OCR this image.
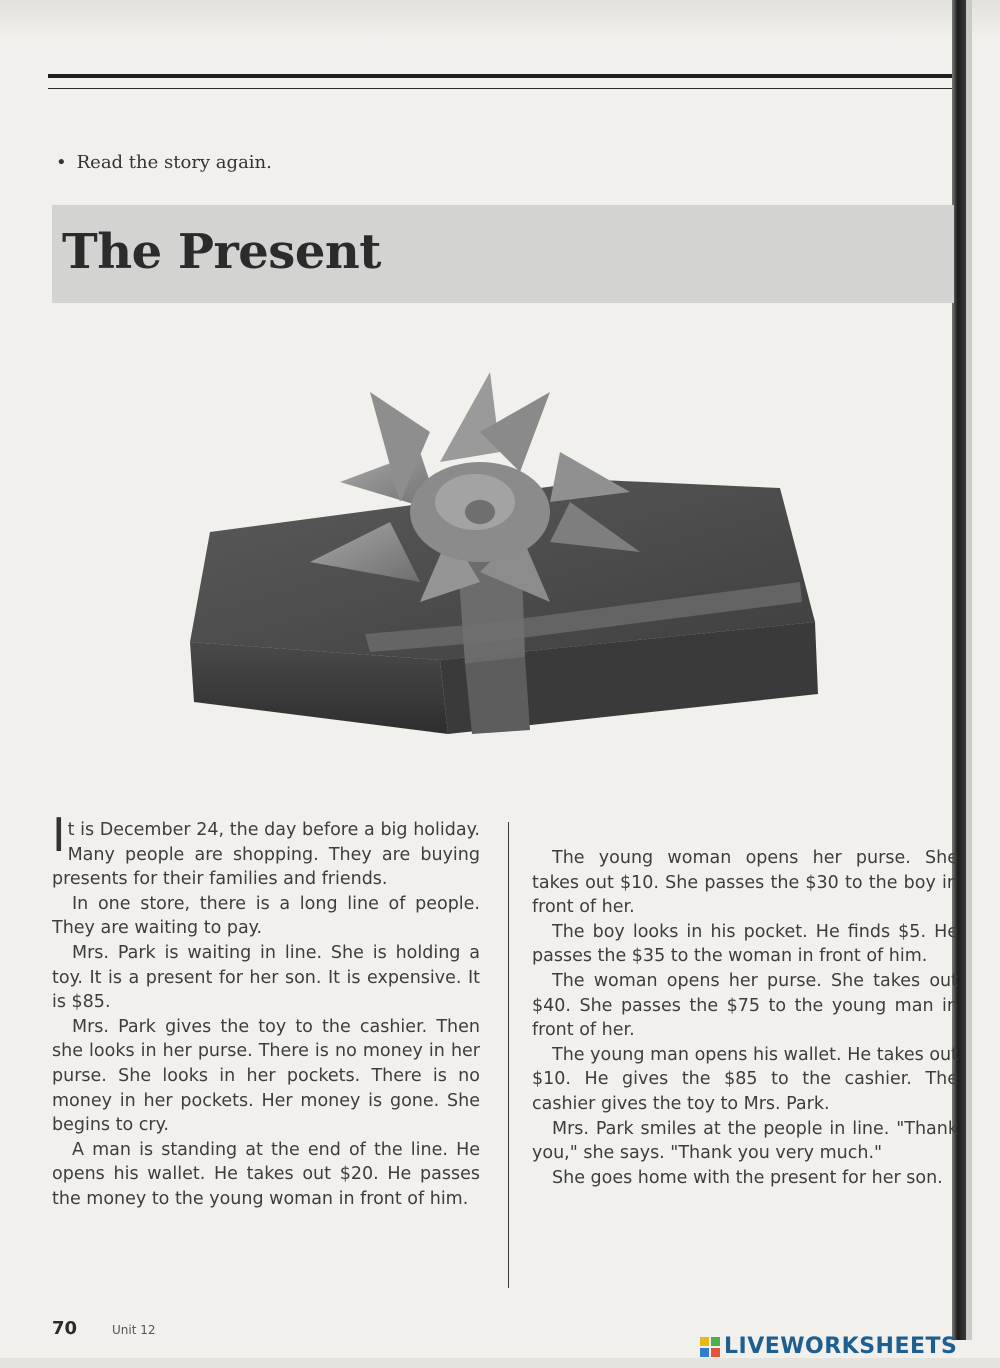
• Read the story again.
The Present

It is December 24, the day before a big holiday. Many people are shopping. They are buying presents for their families and friends.

In one store, there is a long line of people. They are waiting to pay.

Mrs. Park is waiting in line. She is holding a toy. It is a present for her son. It is expensive. It is $85.

Mrs. Park gives the toy to the cashier. Then she looks in her purse. There is no money in her purse. She looks in her pockets. There is no money in her pockets. Her money is gone. She begins to cry.

A man is standing at the end of the line. He opens his wallet. He takes out $20. He passes the money to the young woman in front of him.

The young woman opens her purse. She takes out $10. She passes the $30 to the boy in front of her.

The boy looks in his pocket. He finds $5. He passes the $35 to the woman in front of him.

The woman opens her purse. She takes out $40. She passes the $75 to the young man in front of her.

The young man opens his wallet. He takes out $10. He gives the $85 to the cashier. The cashier gives the toy to Mrs. Park.

Mrs. Park smiles at the people in line. "Thank you," she says. "Thank you very much."

She goes home with the present for her son.

70	Unit 12
LIVEWORKSHEETS
